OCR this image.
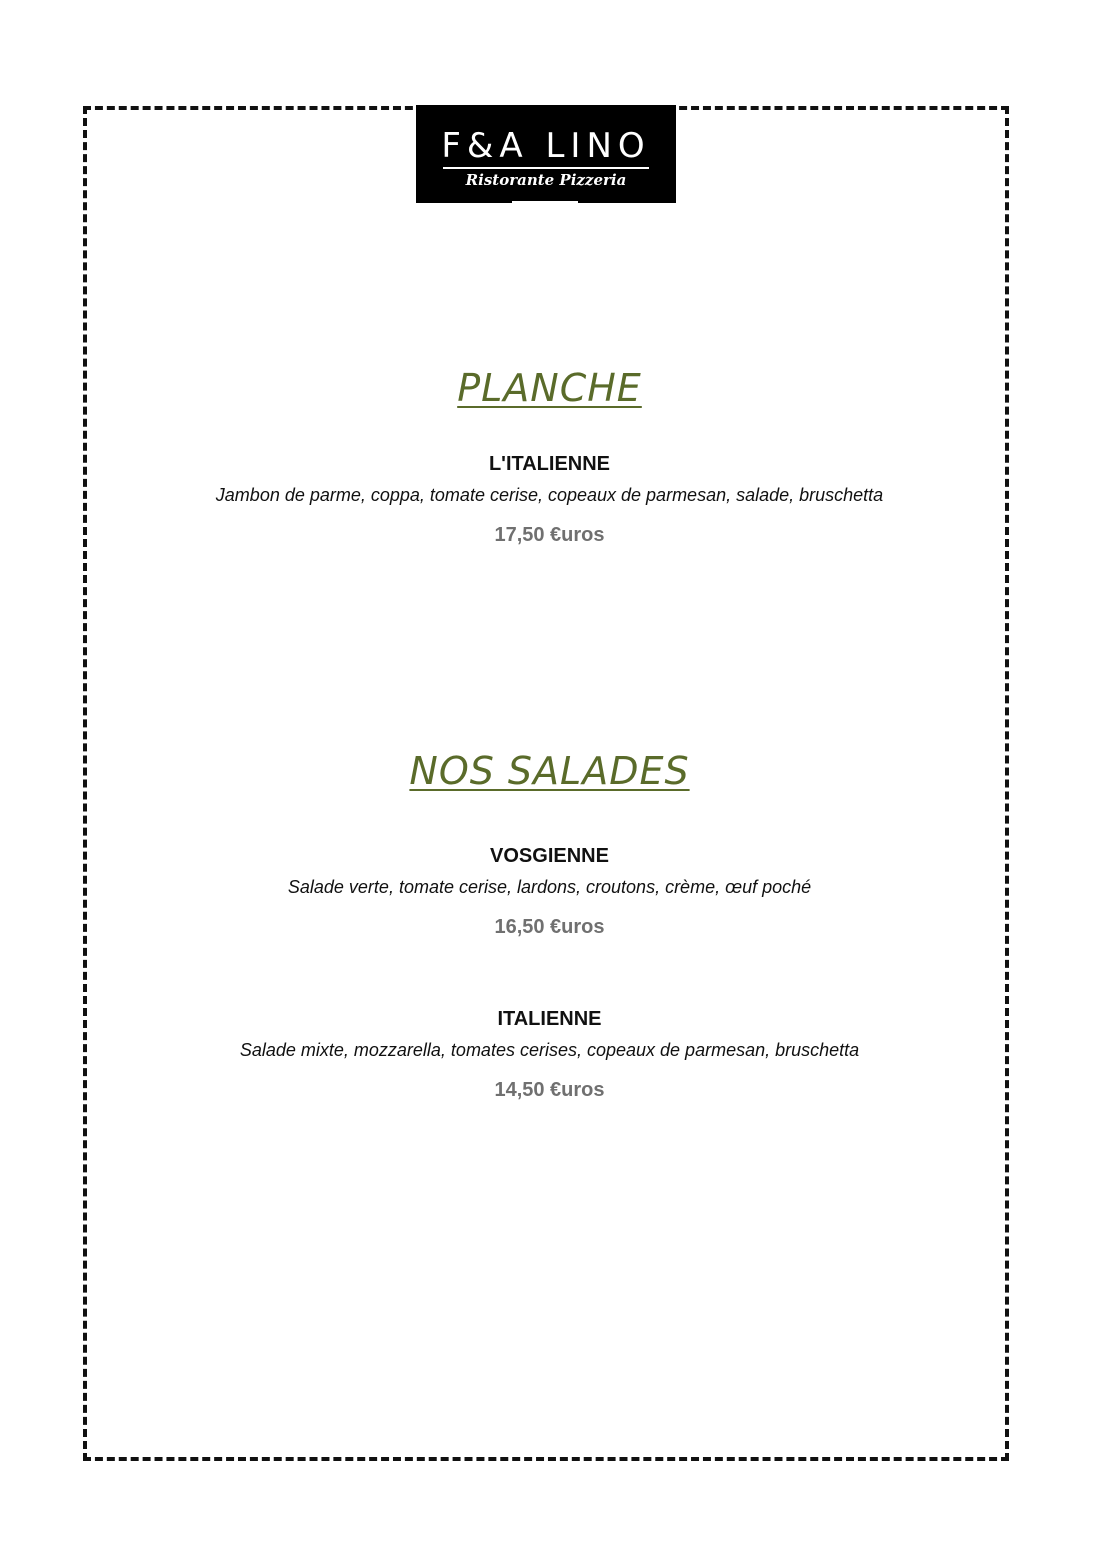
F&A LINO
Ristorante Pizzeria
PLANCHE
L'ITALIENNE
Jambon de parme, coppa, tomate cerise, copeaux de parmesan, salade, bruschetta
17,50 €uros
NOS SALADES
VOSGIENNE
Salade verte, tomate cerise, lardons, croutons, crème, œuf poché
16,50 €uros
ITALIENNE
Salade mixte, mozzarella, tomates cerises, copeaux de parmesan, bruschetta
14,50 €uros
